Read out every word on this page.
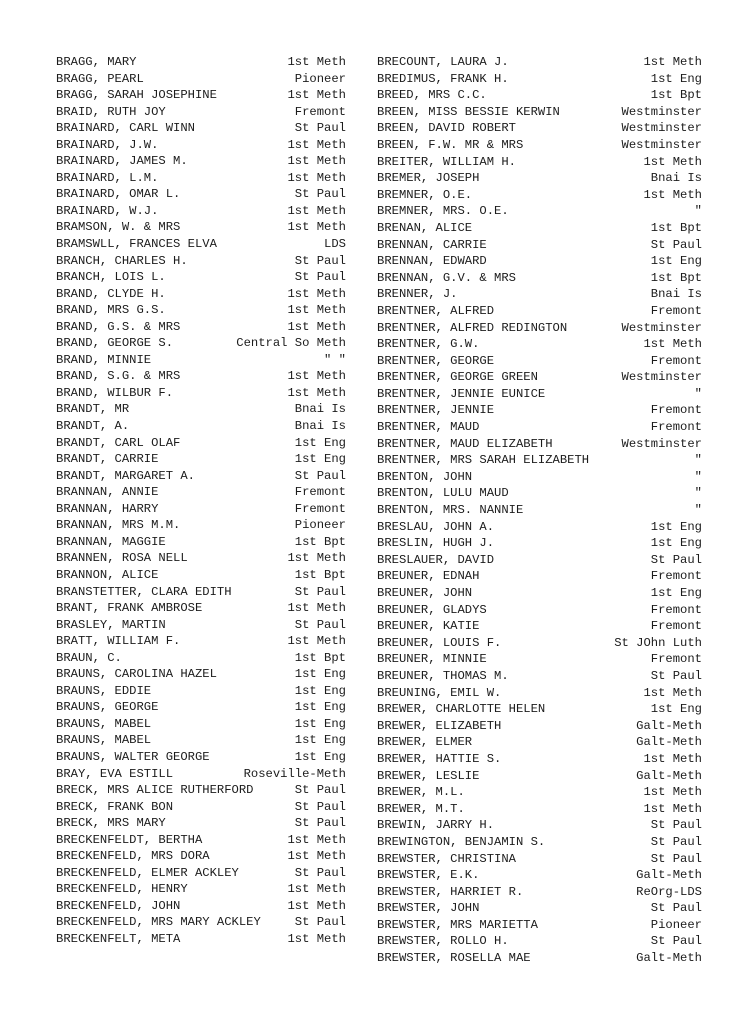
BRAGG, MARY	1st Meth
BRAGG, PEARL	Pioneer
BRAGG, SARAH JOSEPHINE	1st Meth
BRAID, RUTH JOY	Fremont
BRAINARD, CARL WINN	St Paul
BRAINARD, J.W.	1st Meth
BRAINARD, JAMES M.	1st Meth
BRAINARD, L.M.	1st Meth
BRAINARD, OMAR L.	St Paul
BRAINARD, W.J.	1st Meth
BRAMSON, W. & MRS	1st Meth
BRAMSWLL, FRANCES ELVA	LDS
BRANCH, CHARLES H.	St Paul
BRANCH, LOIS L.	St Paul
BRAND, CLYDE H.	1st Meth
BRAND, MRS G.S.	1st Meth
BRAND, G.S. & MRS	1st Meth
BRAND, GEORGE S.	Central So Meth
BRAND, MINNIE	" "
BRAND, S.G. & MRS	1st Meth
BRAND, WILBUR F.	1st Meth
BRANDT, MR	Bnai Is
BRANDT, A.	Bnai Is
BRANDT, CARL OLAF	1st Eng
BRANDT, CARRIE	1st Eng
BRANDT, MARGARET A.	St Paul
BRANNAN, ANNIE	Fremont
BRANNAN, HARRY	Fremont
BRANNAN, MRS M.M.	Pioneer
BRANNAN, MAGGIE	1st Bpt
BRANNEN, ROSA NELL	1st Meth
BRANNON, ALICE	1st Bpt
BRANSTETTER, CLARA EDITH	St Paul
BRANT, FRANK AMBROSE	1st Meth
BRASLEY, MARTIN	St Paul
BRATT, WILLIAM F.	1st Meth
BRAUN, C.	1st Bpt
BRAUNS, CAROLINA HAZEL	1st Eng
BRAUNS, EDDIE	1st Eng
BRAUNS, GEORGE	1st Eng
BRAUNS, MABEL	1st Eng
BRAUNS, MABEL	1st Eng
BRAUNS, WALTER GEORGE	1st Eng
BRAY, EVA ESTILL	Roseville-Meth
BRECK, MRS ALICE RUTHERFORD	St Paul
BRECK, FRANK BON	St Paul
BRECK, MRS MARY	St Paul
BRECKENFELDT, BERTHA	1st Meth
BRECKENFELD, MRS DORA	1st Meth
BRECKENFELD, ELMER ACKLEY	St Paul
BRECKENFELD, HENRY	1st Meth
BRECKENFELD, JOHN	1st Meth
BRECKENFELD, MRS MARY ACKLEY	St Paul
BRECKENFELT, META	1st Meth
BRECOUNT, LAURA J.	1st Meth
BREDIMUS, FRANK H.	1st Eng
BREED, MRS C.C.	1st Bpt
BREEN, MISS BESSIE KERWIN	Westminster
BREEN, DAVID ROBERT	Westminster
BREEN, F.W. MR & MRS	Westminster
BREITER, WILLIAM H.	1st Meth
BREMER, JOSEPH	Bnai Is
BREMNER, O.E.	1st Meth
BREMNER, MRS. O.E.	"
BRENAN, ALICE	1st Bpt
BRENNAN, CARRIE	St Paul
BRENNAN, EDWARD	1st Eng
BRENNAN, G.V. & MRS	1st Bpt
BRENNER, J.	Bnai Is
BRENTNER, ALFRED	Fremont
BRENTNER, ALFRED REDINGTON	Westminster
BRENTNER, G.W.	1st Meth
BRENTNER, GEORGE	Fremont
BRENTNER, GEORGE GREEN	Westminster
BRENTNER, JENNIE EUNICE	"
BRENTNER, JENNIE	Fremont
BRENTNER, MAUD	Fremont
BRENTNER, MAUD ELIZABETH	Westminster
BRENTNER, MRS SARAH ELIZABETH	"
BRENTON, JOHN	"
BRENTON, LULU MAUD	"
BRENTON, MRS. NANNIE	"
BRESLAU, JOHN A.	1st Eng
BRESLIN, HUGH J.	1st Eng
BRESLAUER, DAVID	St Paul
BREUNER, EDNAH	Fremont
BREUNER, JOHN	1st Eng
BREUNER, GLADYS	Fremont
BREUNER, KATIE	Fremont
BREUNER, LOUIS F.	St JOhn Luth
BREUNER, MINNIE	Fremont
BREUNER, THOMAS M.	St Paul
BREUNING, EMIL W.	1st Meth
BREWER, CHARLOTTE HELEN	1st Eng
BREWER, ELIZABETH	Galt-Meth
BREWER, ELMER	Galt-Meth
BREWER, HATTIE S.	1st Meth
BREWER, LESLIE	Galt-Meth
BREWER, M.L.	1st Meth
BREWER, M.T.	1st Meth
BREWIN, JARRY H.	St Paul
BREWINGTON, BENJAMIN S.	St Paul
BREWSTER, CHRISTINA	St Paul
BREWSTER, E.K.	Galt-Meth
BREWSTER, HARRIET R.	ReOrg-LDS
BREWSTER, JOHN	St Paul
BREWSTER, MRS MARIETTA	Pioneer
BREWSTER, ROLLO H.	St Paul
BREWSTER, ROSELLA MAE	Galt-Meth
